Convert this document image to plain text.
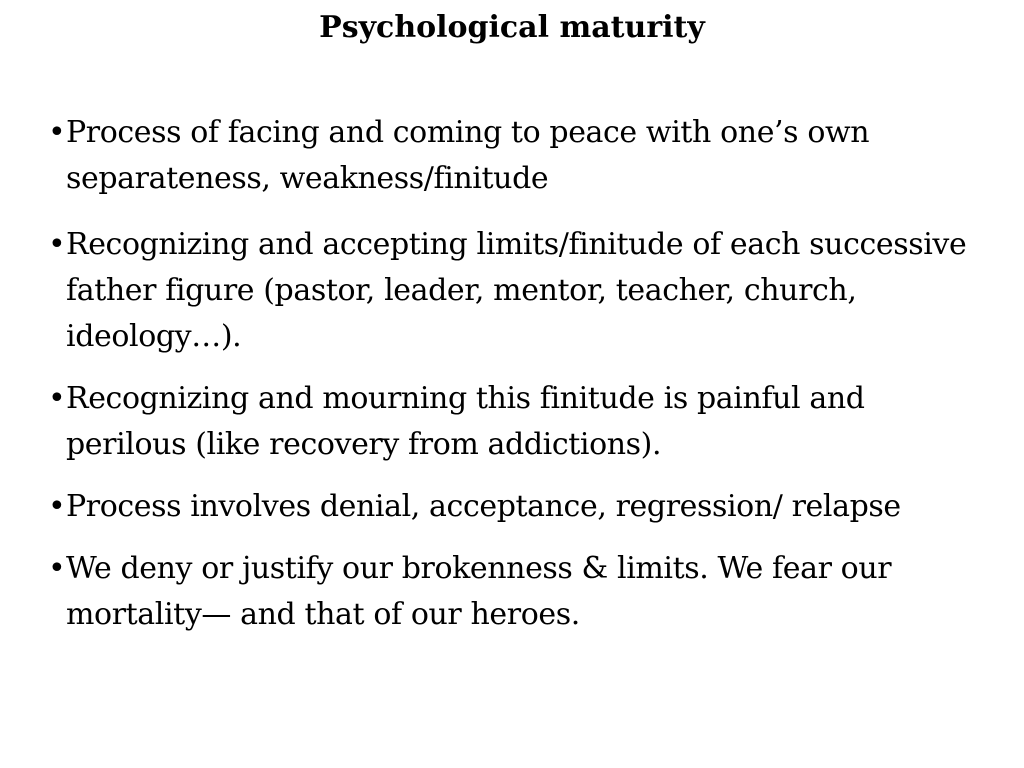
Psychological maturity
• Process of facing and coming to peace with one’s own separateness, weakness/finitude
• Recognizing and accepting limits/finitude of each successive father figure (pastor, leader, mentor, teacher, church, ideology…).
• Recognizing and mourning this finitude is painful and perilous (like recovery from addictions).
• Process involves denial, acceptance, regression/ relapse
• We deny or justify our brokenness & limits. We fear our mortality— and that of our heroes.
